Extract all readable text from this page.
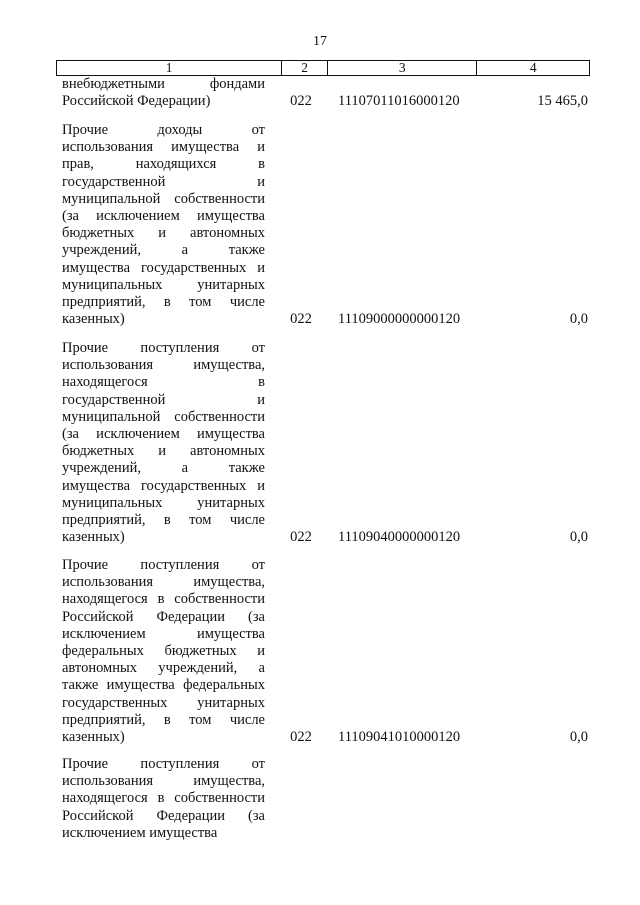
17
1	2	3	4
внебюджетными фондами
Российской Федерации)	022 11107011016000120	15 465,0
Прочие доходы от
использования имущества и
прав, находящихся в
государственной и
муниципальной собственности
(за исключением имущества
бюджетных и автономных
учреждений, а также
имущества государственных и
муниципальных унитарных
предприятий, в том числе
казенных)	022 11109000000000120	0,0
Прочие поступления от
использования имущества,
находящегося в
государственной и
муниципальной собственности
(за исключением имущества
бюджетных и автономных
учреждений, а также
имущества государственных и
муниципальных унитарных
предприятий, в том числе
казенных)	022 11109040000000120	0,0
Прочие поступления от
использования имущества,
находящегося в собственности
Российской Федерации (за
исключением имущества
федеральных бюджетных и
автономных учреждений, а
также имущества федеральных
государственных унитарных
предприятий, в том числе
казенных)	022 11109041010000120	0,0
Прочие поступления от
использования имущества,
находящегося в собственности
Российской Федерации (за
исключением имущества
